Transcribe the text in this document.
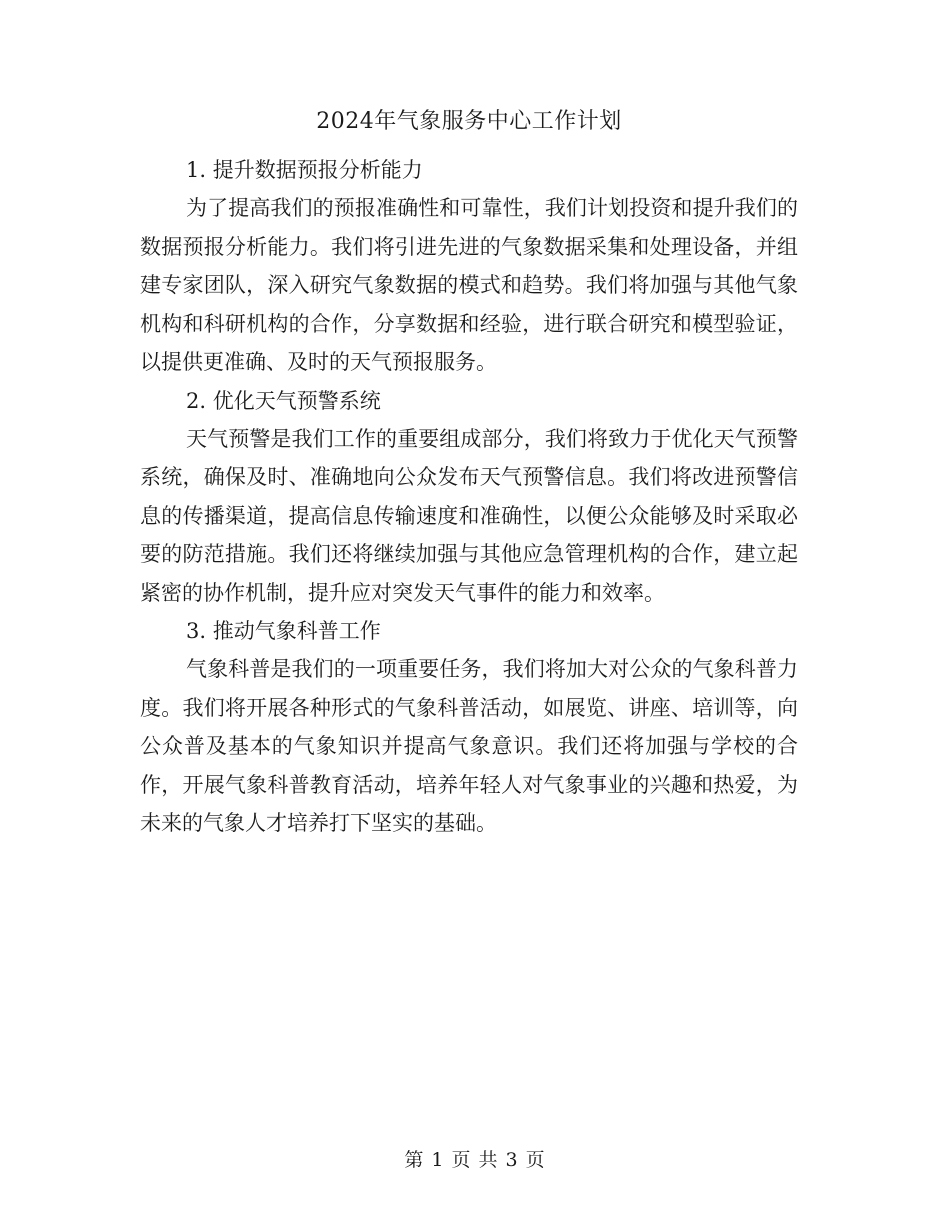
2024年气象服务中心工作计划

1. 提升数据预报分析能力

为了提高我们的预报准确性和可靠性，我们计划投资和提升我们的数据预报分析能力。我们将引进先进的气象数据采集和处理设备，并组建专家团队，深入研究气象数据的模式和趋势。我们将加强与其他气象机构和科研机构的合作，分享数据和经验，进行联合研究和模型验证，以提供更准确、及时的天气预报服务。

2. 优化天气预警系统

天气预警是我们工作的重要组成部分，我们将致力于优化天气预警系统，确保及时、准确地向公众发布天气预警信息。我们将改进预警信息的传播渠道，提高信息传输速度和准确性，以便公众能够及时采取必要的防范措施。我们还将继续加强与其他应急管理机构的合作，建立起紧密的协作机制，提升应对突发天气事件的能力和效率。

3. 推动气象科普工作

气象科普是我们的一项重要任务，我们将加大对公众的气象科普力度。我们将开展各种形式的气象科普活动，如展览、讲座、培训等，向公众普及基本的气象知识并提高气象意识。我们还将加强与学校的合作，开展气象科普教育活动，培养年轻人对气象事业的兴趣和热爱，为未来的气象人才培养打下坚实的基础。

第 1 页 共 3 页
